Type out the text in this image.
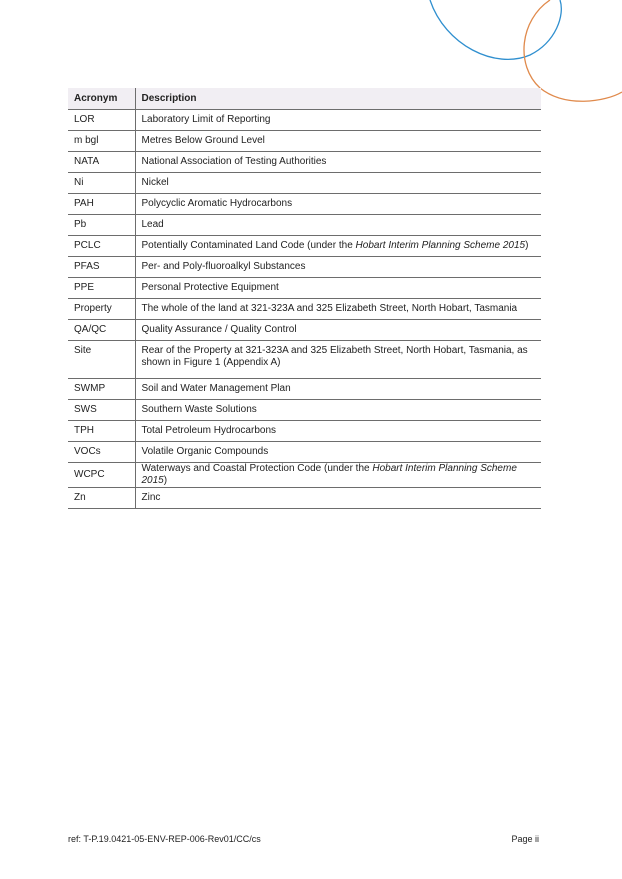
Acronym	Description
LOR	Laboratory Limit of Reporting
m bgl	Metres Below Ground Level
NATA	National Association of Testing Authorities
Ni	Nickel
PAH	Polycyclic Aromatic Hydrocarbons
Pb	Lead
PCLC	Potentially Contaminated Land Code (under the Hobart Interim Planning Scheme 2015)
PFAS	Per- and Poly-fluoroalkyl Substances
PPE	Personal Protective Equipment
Property	The whole of the land at 321-323A and 325 Elizabeth Street, North Hobart, Tasmania
QA/QC	Quality Assurance / Quality Control
Site	Rear of the Property at 321-323A and 325 Elizabeth Street, North Hobart, Tasmania, as shown in Figure 1 (Appendix A)
SWMP	Soil and Water Management Plan
SWS	Southern Waste Solutions
TPH	Total Petroleum Hydrocarbons
VOCs	Volatile Organic Compounds
WCPC	Waterways and Coastal Protection Code (under the Hobart Interim Planning Scheme 2015)
Zn	Zinc
ref: T-P.19.0421-05-ENV-REP-006-Rev01/CC/cs	Page ii
